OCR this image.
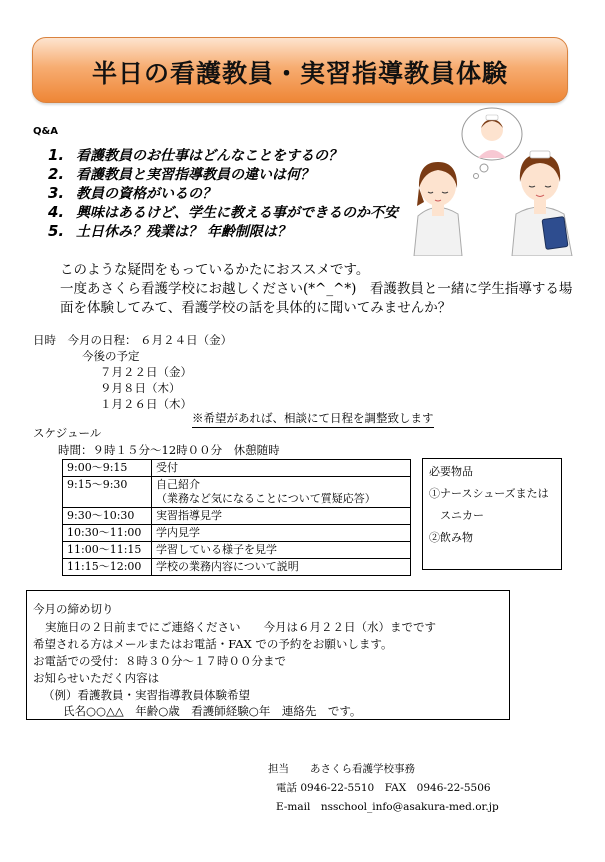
半日の看護教員・実習指導教員体験
Q&A
1. 看護教員のお仕事はどんなことをするの？
2. 看護教員と実習指導教員の違いは何？
3. 教員の資格がいるの？
4. 興味はあるけど、学生に教える事ができるのか不安
5. 土日休み？残業は？ 年齢制限は？
このような疑問をもっているかたにおススメです。
一度あさくら看護学校にお越しください(*^_^*)　看護教員と一緒に学生指導する場
面を体験してみて、看護学校の話を具体的に聞いてみませんか？
日時　今月の日程： ６月２４日（金）
今後の予定
７月２２日（金）
９月８日（木）
１月２６日（木）
※希望があれば、相談にて日程を調整致します
スケジュール
時間：９時１５分～12時００分　休憩随時
9:00～9:15	受付
9:15～9:30	自己紹介
（業務など気になることについて質疑応答）

9:30～10:30	実習指導見学
10:30～11:00	学内見学
11:00～11:15	学習している様子を見学
11:15～12:00	学校の業務内容について説明
必要物品
①ナースシューズまたは
　スニカー
②飲み物
今月の締め切り
実施日の２日前までにご連絡ください　　今月は６月２２日（水）までです
希望される方はメールまたはお電話・FAX での予約をお願いします。
お電話での受付：８時３０分～１７時００分まで
お知らせいただく内容は
（例）看護教員・実習指導教員体験希望
氏名○○△△　年齢○歳　看護師経験○年　連絡先　です。
担当　　あさくら看護学校事務
電話 0946-22-5510　FAX　0946-22-5506
E-mail　nsschool_info@asakura-med.or.jp
